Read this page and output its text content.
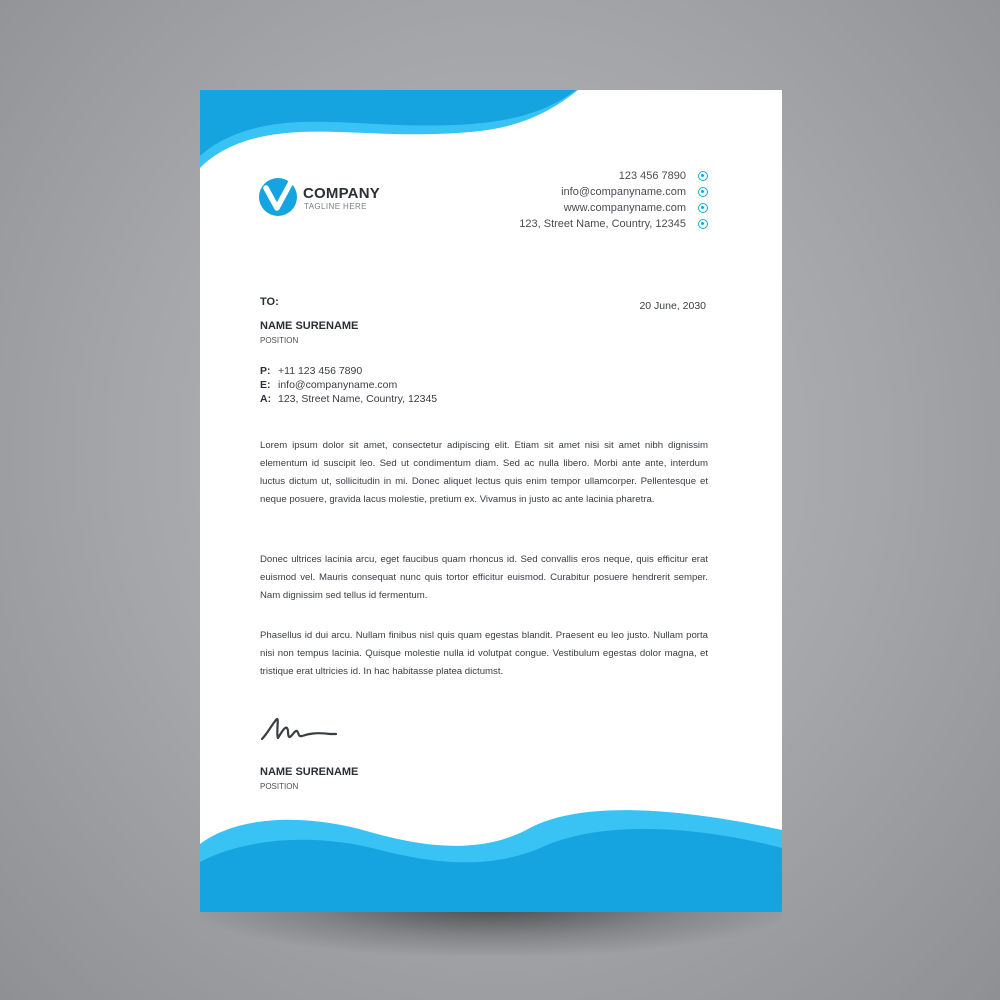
COMPANY
TAGLINE HERE
123 456 7890
info@companyname.com
www.companyname.com
123, Street Name, Country, 12345
TO:	20 June, 2030
NAME SURENAME
POSITION
P: +11 123 456 7890
E: info@companyname.com
A: 123, Street Name, Country, 12345

Lorem ipsum dolor sit amet, consectetur adipiscing elit. Etiam sit amet nisi sit amet nibh dignissim elementum id suscipit leo. Sed ut condimentum diam. Sed ac nulla libero. Morbi ante ante, interdum luctus dictum ut, sollicitudin in mi. Donec aliquet lectus quis enim tempor ullamcorper. Pellentesque et neque posuere, gravida lacus molestie, pretium ex. Vivamus in justo ac ante lacinia pharetra.

Donec ultrices lacinia arcu, eget faucibus quam rhoncus id. Sed convallis eros neque, quis efficitur erat euismod vel. Mauris consequat nunc quis tortor efficitur euismod. Curabitur posuere hendrerit semper. Nam dignissim sed tellus id fermentum.

Phasellus id dui arcu. Nullam finibus nisl quis quam egestas blandit. Praesent eu leo justo. Nullam porta nisi non tempus lacinia. Quisque molestie nulla id volutpat congue. Vestibulum egestas dolor magna, et tristique erat ultricies id. In hac habitasse platea dictumst.

NAME SURENAME
POSITION
